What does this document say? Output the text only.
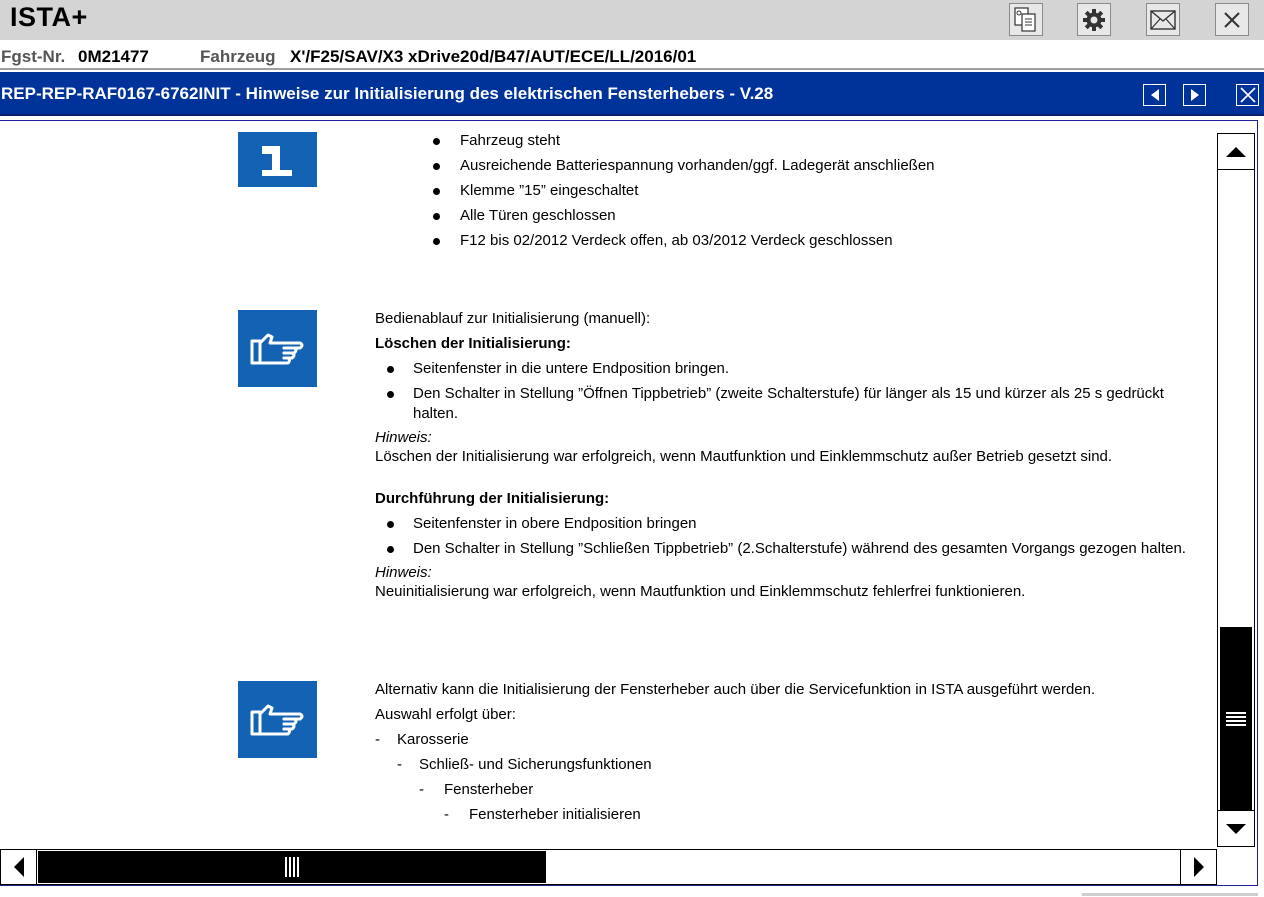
ISTA+
Fgst-Nr. 0M21477	Fahrzeug X'/F25/SAV/X3 xDrive20d/B47/AUT/ECE/LL/2016/01
REP-REP-RAF0167-6762INIT - Hinweise zur Initialisierung des elektrischen Fensterhebers - V.28
Fahrzeug steht
Ausreichende Batteriespannung vorhanden/ggf. Ladegerät anschließen
Klemme ”15” eingeschaltet
Alle Türen geschlossen
F12 bis 02/2012 Verdeck offen, ab 03/2012 Verdeck geschlossen
Bedienablauf zur Initialisierung (manuell):
Löschen der Initialisierung:
Seitenfenster in die untere Endposition bringen.
Den Schalter in Stellung ”Öffnen Tippbetrieb” (zweite Schalterstufe) für länger als 15 und kürzer als 25 s gedrückt halten.
Hinweis:
Löschen der Initialisierung war erfolgreich, wenn Mautfunktion und Einklemmschutz außer Betrieb gesetzt sind.
Durchführung der Initialisierung:
Seitenfenster in obere Endposition bringen
Den Schalter in Stellung ”Schließen Tippbetrieb” (2.Schalterstufe) während des gesamten Vorgangs gezogen halten.
Hinweis:
Neuinitialisierung war erfolgreich, wenn Mautfunktion und Einklemmschutz fehlerfrei funktionieren.
Alternativ kann die Initialisierung der Fensterheber auch über die Servicefunktion in ISTA ausgeführt werden.
Auswahl erfolgt über:
- Karosserie
- Schließ- und Sicherungsfunktionen
- Fensterheber
- Fensterheber initialisieren
